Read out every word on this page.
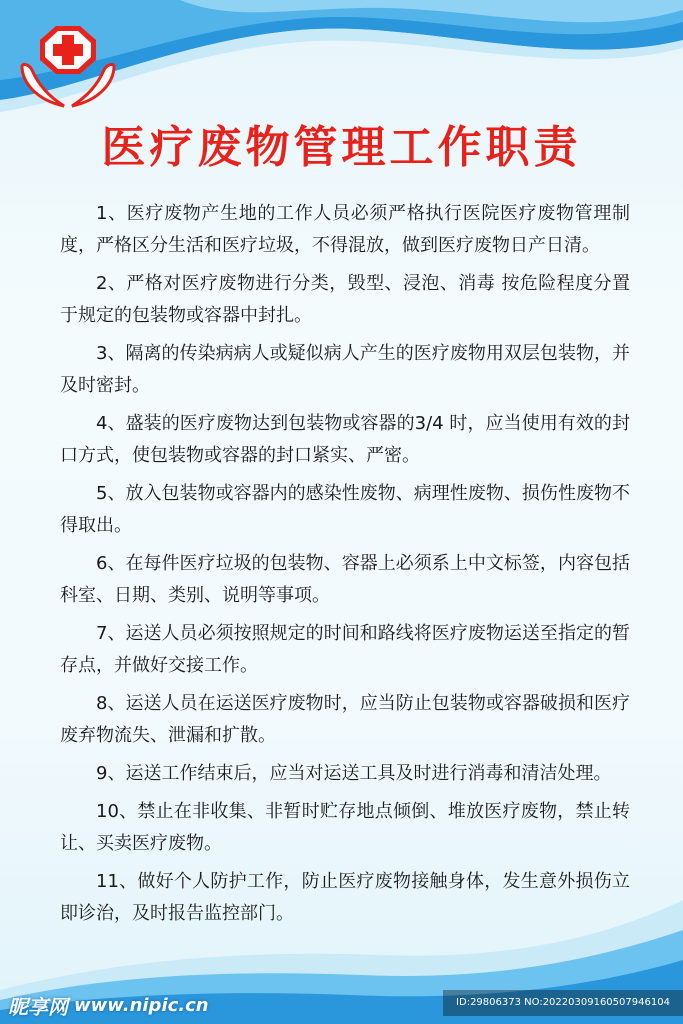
医疗废物管理工作职责
1、医疗废物产生地的工作人员必须严格执行医院医疗废物管理制度，严格区分生活和医疗垃圾，不得混放，做到医疗废物日产日清。
2、严格对医疗废物进行分类，毁型、浸泡、消毒 按危险程度分置于规定的包装物或容器中封扎。
3、隔离的传染病病人或疑似病人产生的医疗废物用双层包装物，并及时密封。
4、盛装的医疗废物达到包装物或容器的3/4 时，应当使用有效的封口方式，使包装物或容器的封口紧实、严密。
5、放入包装物或容器内的感染性废物、病理性废物、损伤性废物不得取出。
6、在每件医疗垃圾的包装物、容器上必须系上中文标签，内容包括科室、日期、类别、说明等事项。
7、运送人员必须按照规定的时间和路线将医疗废物运送至指定的暂存点，并做好交接工作。
8、运送人员在运送医疗废物时，应当防止包装物或容器破损和医疗废弃物流失、泄漏和扩散。
9、运送工作结束后，应当对运送工具及时进行消毒和清洁处理。
10、禁止在非收集、非暂时贮存地点倾倒、堆放医疗废物，禁止转让、买卖医疗废物。
11、做好个人防护工作，防止医疗废物接触身体，发生意外损伤立即诊治，及时报告监控部门。
昵享网 www.nipic.cn	ID:29806373 NO:20220309160507946104
